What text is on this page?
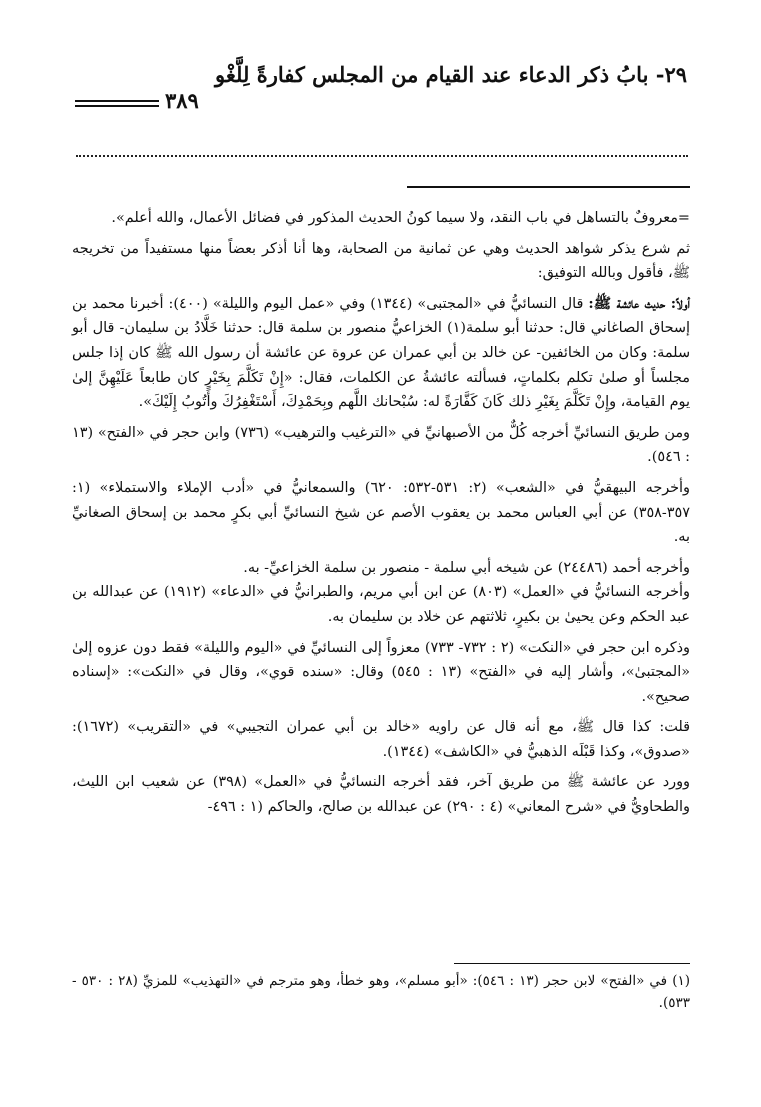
٢٩- بابُ ذكر الدعاء عند القيام من المجلس كفارةً لِلَّغْو
٣٨٩

=معروفٌ بالتساهل في باب النقد، ولا سيما كونُ الحديث المذكور في فضائل الأعمال، والله أعلم».

ثم شرع يذكر شواهد الحديث وهي عن ثمانية من الصحابة، وها أنا أذكر بعضاً منها مستفيداً من تخريجه ﷺ، فأقول وبالله التوفيق:

أولاً: حديث عائشة ﷺ: قال النسائيُّ في «المجتبى» (١٣٤٤) وفي «عمل اليوم والليلة» (٤٠٠): أخبرنا محمد بن إسحاق الصاغاني قال: حدثنا أبو سلمة(١) الخزاعيُّ منصور بن سلمة قال: حدثنا خَلَّادُ بن سليمان- قال أبو سلمة: وكان من الخائفين- عن خالد بن أبي عمران عن عروة عن عائشة أن رسول الله ﷺ كان إذا جلس مجلساً أو صلىٰ تكلم بكلماتٍ، فسألته عائشةُ عن الكلمات، فقال: «إِنْ تَكَلَّمَ بِخَيْرٍ كان طابعاً عَلَيْهِنَّ إلىٰ يوم القيامة، وإِنْ تَكَلَّمَ بِغَيْرِ ذلك كَانَ كَفَّارَةً له: سُبْحانك اللَّهم وبِحَمْدِكَ، أَسْتَغْفِرُكَ وأَتُوبُ إِلَيْكَ».

ومن طريق النسائيِّ أخرجه كُلٌّ من الأصبهانيِّ في «الترغيب والترهيب» (٧٣٦) وابن حجر في «الفتح» (١٣ : ٥٤٦).

وأخرجه البيهقيُّ في «الشعب» (٢: ٥٣١-٥٣٢: ٦٢٠) والسمعانيُّ في «أدب الإملاء والاستملاء» (١: ٣٥٧-٣٥٨) عن أبي العباس محمد بن يعقوب الأصم عن شيخ النسائيِّ أبي بكرٍ محمد بن إسحاق الصغانيِّ به.

وأخرجه أحمد (٢٤٤٨٦) عن شيخه أبي سلمة - منصور بن سلمة الخزاعيِّ- به.

وأخرجه النسائيُّ في «العمل» (٨٠٣) عن ابن أبي مريم، والطبرانيُّ في «الدعاء» (١٩١٢) عن عبدالله بن عبد الحكم وعن يحيىٰ بن بكيرٍ، ثلاثتهم عن خلاد بن سليمان به.

وذكره ابن حجر في «النكت» (٢ : ٧٣٢- ٧٣٣) معزواً إلى النسائيِّ في «اليوم والليلة» فقط دون عزوه إلىٰ «المجتبىٰ»، وأشار إليه في «الفتح» (١٣ : ٥٤٥) وقال: «سنده قوي»، وقال في «النكت»: «إسناده صحيح».

قلت: كذا قال ﷺ، مع أنه قال عن راويه «خالد بن أبي عمران التجيبي» في «التقريب» (١٦٧٢): «صدوق»، وكذا قَبْلَه الذهبيُّ في «الكاشف» (١٣٤٤).

وورد عن عائشة ﷺ من طريق آخر، فقد أخرجه النسائيُّ في «العمل» (٣٩٨) عن شعيب ابن الليث، والطحاويُّ في «شرح المعاني» (٤ : ٢٩٠) عن عبدالله بن صالح، والحاكم (١ : ٤٩٦-

(١) في «الفتح» لابن حجر (١٣ : ٥٤٦): «أبو مسلم»، وهو خطأ، وهو مترجم في «التهذيب» للمزيِّ (٢٨ : ٥٣٠ - ٥٣٣).
